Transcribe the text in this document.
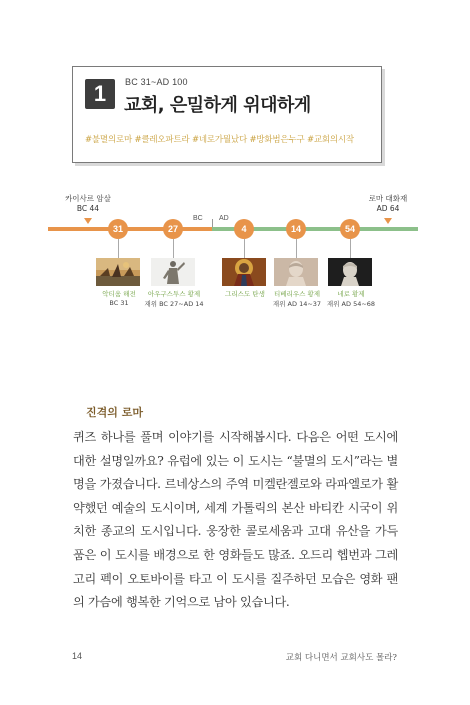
1	BC 31~AD 100
교회, 은밀하게 위대하게
#불멸의로마 #클레오파트라 #네로가뭘났다 #방화범은누구 #교회의시작
카이사르 암살
BC 44
로마 대화재
AD 64
BC AD
31
악티움 해전
BC 31
27
아우구스투스 황제
재위 BC 27~AD 14
4
그리스도 탄생
14
티베리우스 황제
재위 AD 14~37
54
네로 황제
재위 AD 54~68
진격의 로마
퀴즈 하나를 풀며 이야기를 시작해봅시다. 다음은 어떤 도시에 대한 설명일까요? 유럽에 있는 이 도시는 “불멸의 도시”라는 별명을 가졌습니다. 르네상스의 주역 미켈란젤로와 라파엘로가 활약했던 예술의 도시이며, 세계 가톨릭의 본산 바티칸 시국이 위치한 종교의 도시입니다. 웅장한 콜로세움과 고대 유산을 가득 품은 이 도시를 배경으로 한 영화들도 많죠. 오드리 헵번과 그레고리 펙이 오토바이를 타고 이 도시를 질주하던 모습은 영화 팬의 가슴에 행복한 기억으로 남아 있습니다.
14	교회 다니면서 교회사도 몰라?
